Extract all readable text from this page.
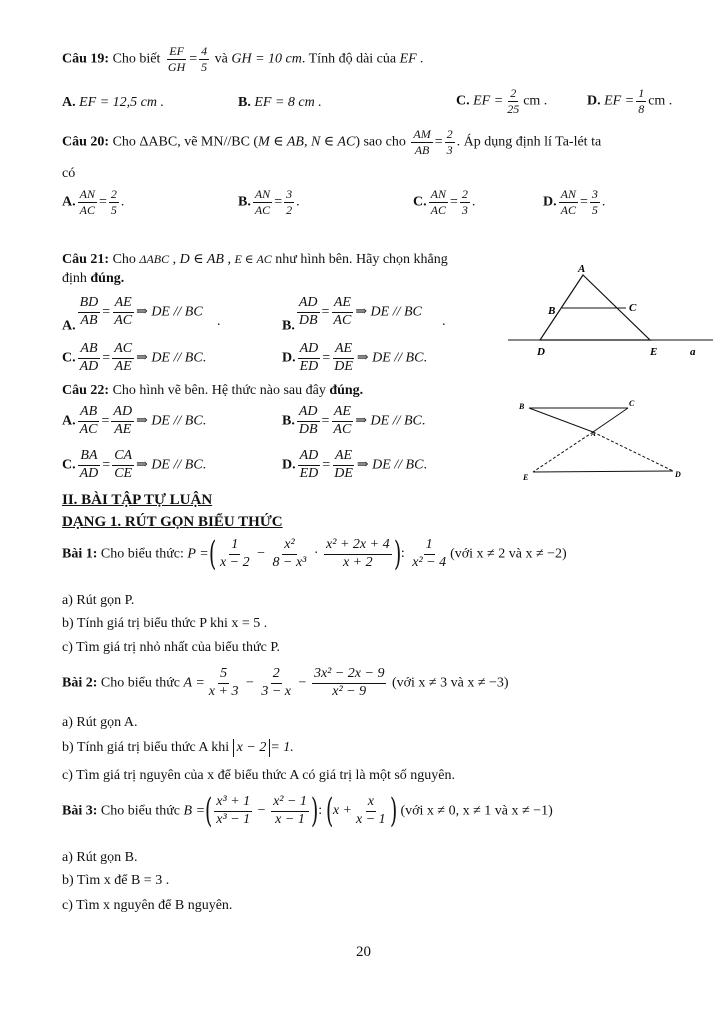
Câu 19: Cho biết $\frac{EF}{GH} = \frac{4}{5}$ và GH = 10 cm. Tính độ dài của EF .
A. EF = 12,5 cm .	B. EF = 8 cm .	C. EF = $\frac{2}{25}$ cm .	D. EF = $\frac{1}{8}$ cm .
Câu 20: Cho ΔABC, vẽ MN//BC (M ∈ AB, N ∈ AC) sao cho $\frac{AM}{AB} = \frac{2}{3}$ . Áp dụng định lí Ta-lét ta
có
A. $\frac{AN}{AC} = \frac{2}{5}$ .	B. $\frac{AN}{AC} = \frac{3}{2}$ .	C. $\frac{AN}{AC} = \frac{2}{3}$ .	D. $\frac{AN}{AC} = \frac{3}{5}$ .
Câu 21: Cho ΔABC , D ∈ AB , E ∈ AC như hình bên. Hãy chọn khẳng
định đúng.
A. $\frac{BD}{AB} = \frac{AE}{AC}$ ⇒ DE // BC
.	B. $\frac{AD}{DB} = \frac{AE}{AC}$ ⇒ DE // BC
.
C. $\frac{AB}{AD} = \frac{AC}{AE}$ ⇒ DE // BC.	D. $\frac{AD}{ED} = \frac{AE}{DE}$ ⇒ DE // BC.
A
B	C
D	E	a
Câu 22: Cho hình vẽ bên. Hệ thức nào sau đây đúng.
A. $\frac{AB}{AC} = \frac{AD}{AE}$ ⇒ DE // BC.	B. $\frac{AD}{DB} = \frac{AE}{AC}$ ⇒ DE // BC.
C. $\frac{BA}{AD} = \frac{CA}{CE}$ ⇒ DE // BC.	D. $\frac{AD}{ED} = \frac{AE}{DE}$ ⇒ DE // BC.
B	C
A
E	D
II. BÀI TẬP TỰ LUẬN
DẠNG 1. RÚT GỌN BIỂU THỨC
Bài 1: Cho biểu thức: P =( $\frac{1}{x - 2} - \frac{\text{x²}}{\text{8 − x³}} \cdot \frac{\text{x² + 2x + 4}}{x + 2}$ ): $\frac{1}{\text{x² − 4}}$ (với x ≠ 2 và x ≠ −2)
a) Rút gọn P.
b) Tính giá trị biểu thức P khi x = 5 .
c) Tìm giá trị nhỏ nhất của biểu thức P.
Bài 2: Cho biểu thức $A = \frac{5}{x + 3} - \frac{2}{3 - x} - \frac{\text{3x² − 2x − 9}}{\text{x² − 9}}$ (với x ≠ 3 và x ≠ −3)
a) Rút gọn A.
b) Tính giá trị biểu thức A khi x − 2 = 1.
c) Tìm giá trị nguyên của x để biểu thức A có giá trị là một số nguyên.
Bài 3: Cho biểu thức B =( $\frac{\text{x³ + 1}}{\text{x³ − 1}} - \frac{\text{x² − 1}}{x - 1}$ ): ($x + \frac{x}{x - 1}$ ) (với x ≠ 0, x ≠ 1 và x ≠ −1)
a) Rút gọn B.
b) Tìm x để B = 3 .
c) Tìm x nguyên để B nguyên.
20
